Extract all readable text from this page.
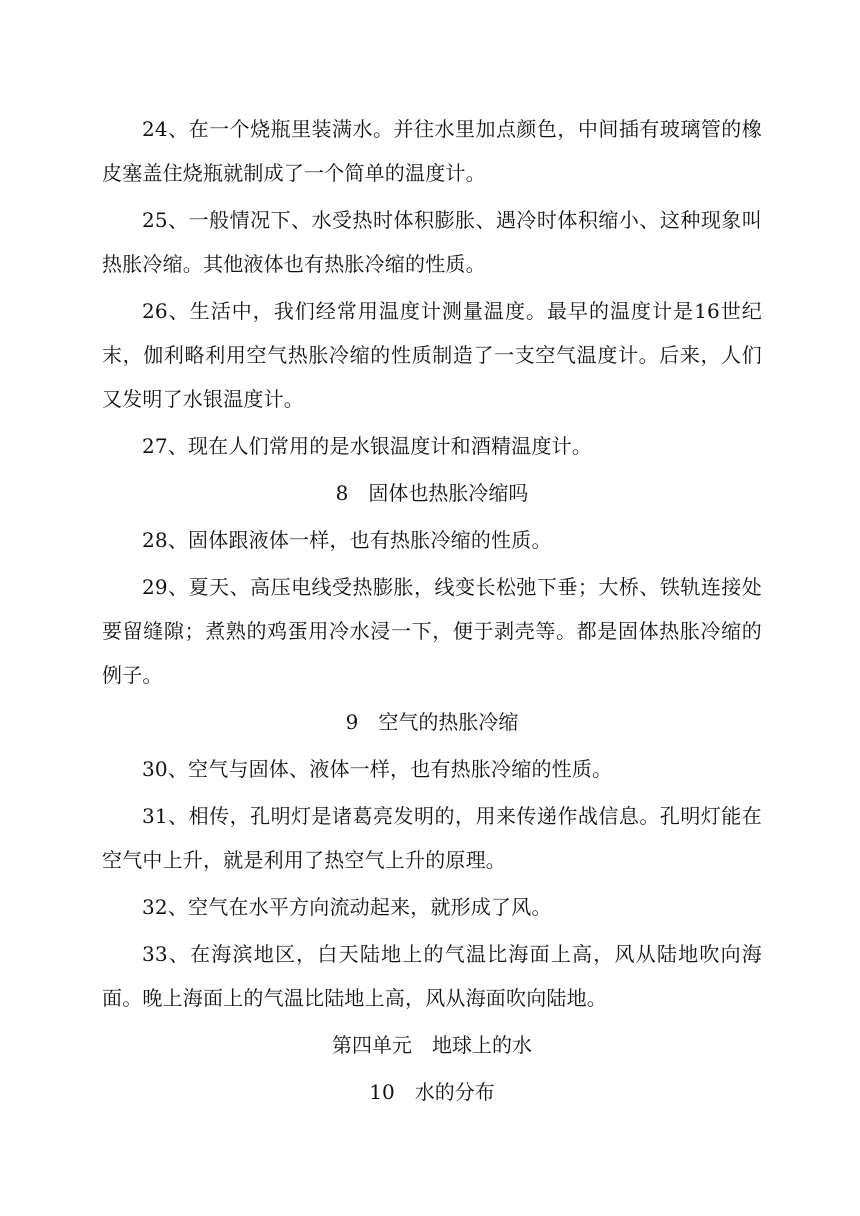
24、在一个烧瓶里装满水。并往水里加点颜色，中间插有玻璃管的橡皮塞盖住烧瓶就制成了一个简单的温度计。

25、一般情况下、水受热时体积膨胀、遇冷时体积缩小、这种现象叫热胀冷缩。其他液体也有热胀冷缩的性质。

26、生活中，我们经常用温度计测量温度。最早的温度计是16世纪末，伽利略利用空气热胀冷缩的性质制造了一支空气温度计。后来，人们又发明了水银温度计。

27、现在人们常用的是水银温度计和酒精温度计。

8　固体也热胀冷缩吗

28、固体跟液体一样，也有热胀冷缩的性质。

29、夏天、高压电线受热膨胀，线变长松弛下垂；大桥、铁轨连接处要留缝隙；煮熟的鸡蛋用冷水浸一下，便于剥壳等。都是固体热胀冷缩的例子。

9　空气的热胀冷缩

30、空气与固体、液体一样，也有热胀冷缩的性质。

31、相传，孔明灯是诸葛亮发明的，用来传递作战信息。孔明灯能在空气中上升，就是利用了热空气上升的原理。

32、空气在水平方向流动起来，就形成了风。

33、在海滨地区，白天陆地上的气温比海面上高，风从陆地吹向海面。晚上海面上的气温比陆地上高，风从海面吹向陆地。

第四单元　地球上的水

10　水的分布
